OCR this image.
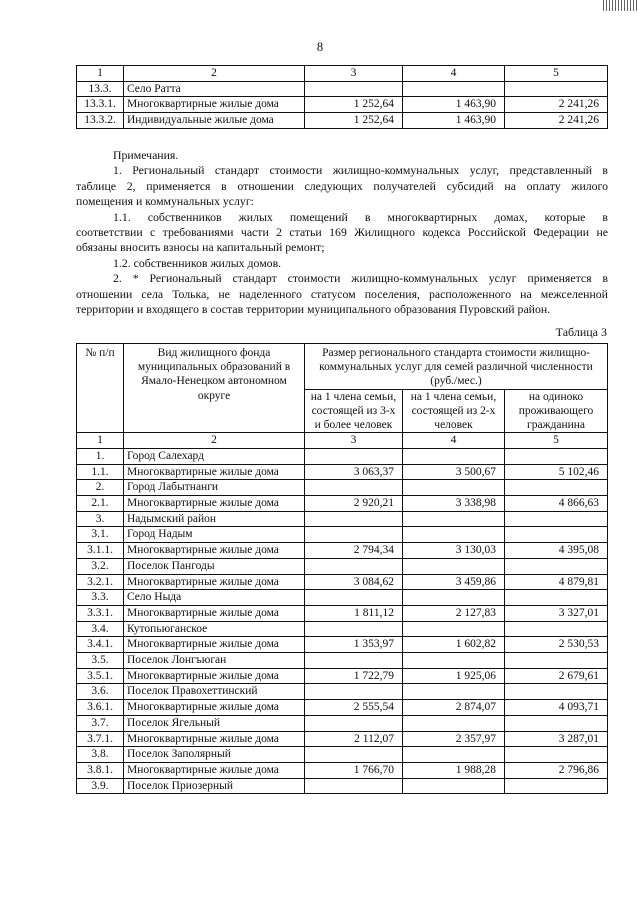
8
1	2	3	4	5
13.3.	Село Ратта			
13.3.1.	Многоквартирные жилые дома	1 252,64	1 463,90	2 241,26
13.3.2.	Индивидуальные жилые дома	1 252,64	1 463,90	2 241,26

Примечания.

1. Региональный стандарт стоимости жилищно-коммунальных услуг, представленный в

таблице 2, применяется в отношении следующих получателей субсидий на оплату жилого

помещения и коммунальных услуг:

1.1. собственников жилых помещений в многоквартирных домах, которые в

соответствии с требованиями части 2 статьи 169 Жилищного кодекса Российской Федерации не

обязаны вносить взносы на капитальный ремонт;

1.2. собственников жилых домов.

2. * Региональный стандарт стоимости жилищно-коммунальных услуг применяется в

отношении села Толька, не наделенного статусом поселения, расположенного на межселенной

территории и входящего в состав территории муниципального образования Пуровский район.

Таблица 3
№ п/п	Вид жилищного фонда муниципальных образований в Ямало-Ненецком автономном округе	Размер регионального стандарта стоимости жилищно-коммунальных услуг для семей различной численности (руб./мес.)		
		на 1 члена семьи, состоящей из 3-х и более человек	на 1 члена семьи, состоящей из 2-х человек	на одиноко проживающего гражданина
1	2	3	4	5
1.	Город Салехард			
1.1.	Многоквартирные жилые дома	3 063,37	3 500,67	5 102,46
2.	Город Лабытнанги			
2.1.	Многоквартирные жилые дома	2 920,21	3 338,98	4 866,63
3.	Надымский район			
3.1.	Город Надым			
3.1.1.	Многоквартирные жилые дома	2 794,34	3 130,03	4 395,08
3.2.	Поселок Пангоды			
3.2.1.	Многоквартирные жилые дома	3 084,62	3 459,86	4 879,81
3.3.	Село Ныда			
3.3.1.	Многоквартирные жилые дома	1 811,12	2 127,83	3 327,01
3.4.	Кутопьюганское			
3.4.1.	Многоквартирные жилые дома	1 353,97	1 602,82	2 530,53
3.5.	Поселок Лонгъюган			
3.5.1.	Многоквартирные жилые дома	1 722,79	1 925,06	2 679,61
3.6.	Поселок Правохеттинский			
3.6.1.	Многоквартирные жилые дома	2 555,54	2 874,07	4 093,71
3.7.	Поселок Ягельный			
3.7.1.	Многоквартирные жилые дома	2 112,07	2 357,97	3 287,01
3.8.	Поселок Заполярный			
3.8.1.	Многоквартирные жилые дома	1 766,70	1 988,28	2 796,86
3.9.	Поселок Приозерный			
